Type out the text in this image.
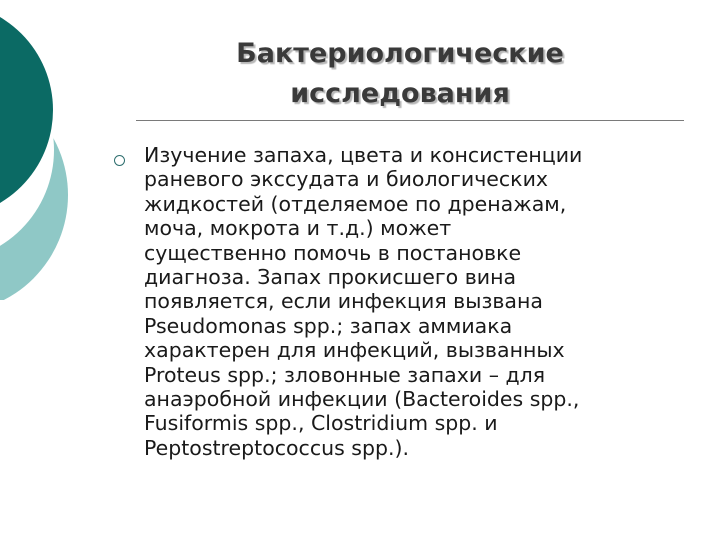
Бактериологические
исследования
Изучение запаха, цвета и консистенции
раневого экссудата и биологических
жидкостей (отделяемое по дренажам,
моча, мокрота и т.д.) может
существенно помочь в постановке
диагноза. Запах прокисшего вина
появляется, если инфекция вызвана
Pseudomonas spp.; запах аммиака
характерен для инфекций, вызванных
Proteus spp.; зловонные запахи – для
анаэробной инфекции (Bacteroides spp.,
Fusiformis spp., Clostridium spp. и
Peptostreptococcus spp.).
